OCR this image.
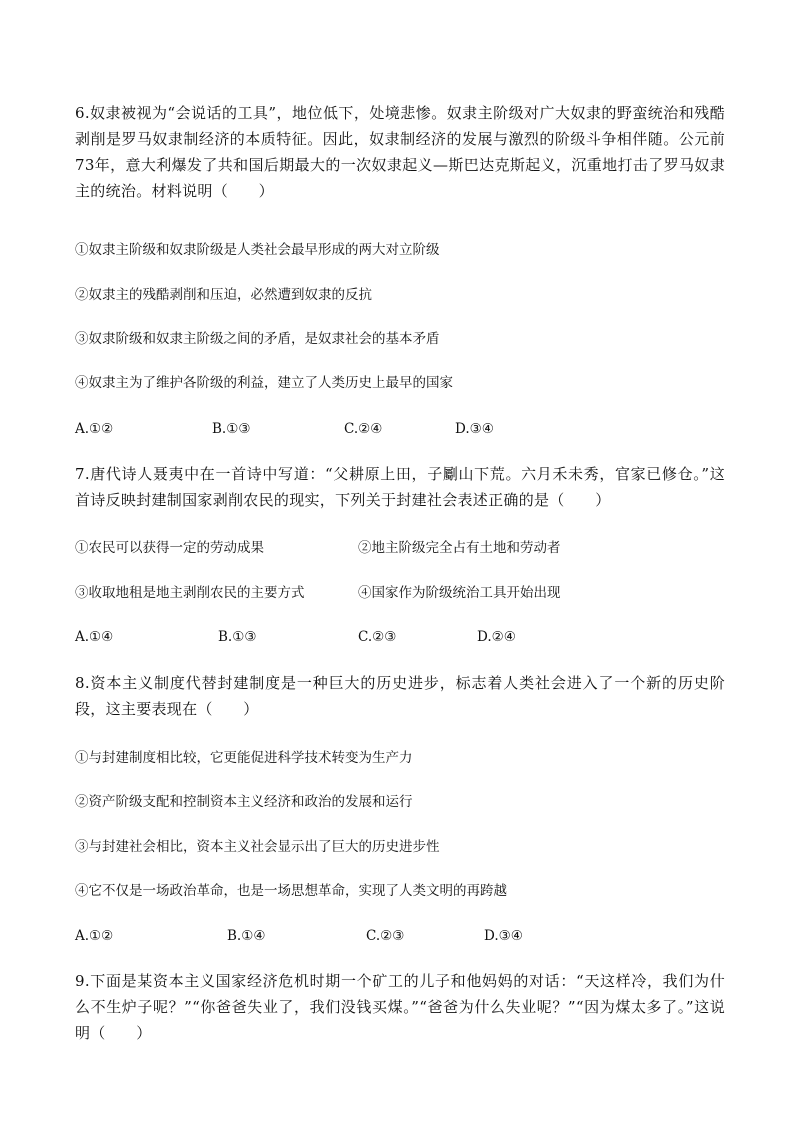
6.奴隶被视为“会说话的工具”，地位低下，处境悲惨。奴隶主阶级对广大奴隶的野蛮统治和残酷剥削是罗马奴隶制经济的本质特征。因此，奴隶制经济的发展与激烈的阶级斗争相伴随。公元前73年，意大利爆发了共和国后期最大的一次奴隶起义—斯巴达克斯起义，沉重地打击了罗马奴隶主的统治。材料说明（　　）
①奴隶主阶级和奴隶阶级是人类社会最早形成的两大对立阶级
②奴隶主的残酷剥削和压迫，必然遭到奴隶的反抗
③奴隶阶级和奴隶主阶级之间的矛盾，是奴隶社会的基本矛盾
④奴隶主为了维护各阶级的利益，建立了人类历史上最早的国家
A.①②	B.①③	C.②④	D.③④
7.唐代诗人聂夷中在一首诗中写道：“父耕原上田，子劚山下荒。六月禾未秀，官家已修仓。”这首诗反映封建制国家剥削农民的现实，下列关于封建社会表述正确的是（　　）
①农民可以获得一定的劳动成果	②地主阶级完全占有土地和劳动者
③收取地租是地主剥削农民的主要方式	④国家作为阶级统治工具开始出现
A.①④	B.①③	C.②③	D.②④
8.资本主义制度代替封建制度是一种巨大的历史进步，标志着人类社会进入了一个新的历史阶段，这主要表现在（　　）
①与封建制度相比较，它更能促进科学技术转变为生产力
②资产阶级支配和控制资本主义经济和政治的发展和运行
③与封建社会相比，资本主义社会显示出了巨大的历史进步性
④它不仅是一场政治革命，也是一场思想革命，实现了人类文明的再跨越
A.①②	B.①④	C.②③	D.③④
9.下面是某资本主义国家经济危机时期一个矿工的儿子和他妈妈的对话：“天这样冷，我们为什么不生炉子呢？”“你爸爸失业了，我们没钱买煤。”“爸爸为什么失业呢？”“因为煤太多了。”这说明（　　）
